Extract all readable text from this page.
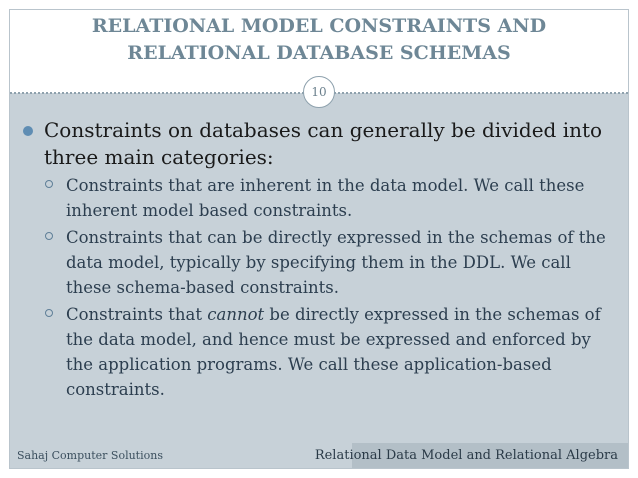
RELATIONAL MODEL CONSTRAINTS AND
RELATIONAL DATABASE SCHEMAS
10
Constraints on databases can generally be divided into three main categories:
Constraints that are inherent in the data model. We call these inherent model based constraints.
Constraints that can be directly expressed in the schemas of the data model, typically by specifying them in the DDL. We call these schema-based constraints.
Constraints that cannot be directly expressed in the schemas of the data model, and hence must be expressed and enforced by the application programs. We call these application-based constraints.
Sahaj Computer Solutions	Relational Data Model and Relational Algebra
